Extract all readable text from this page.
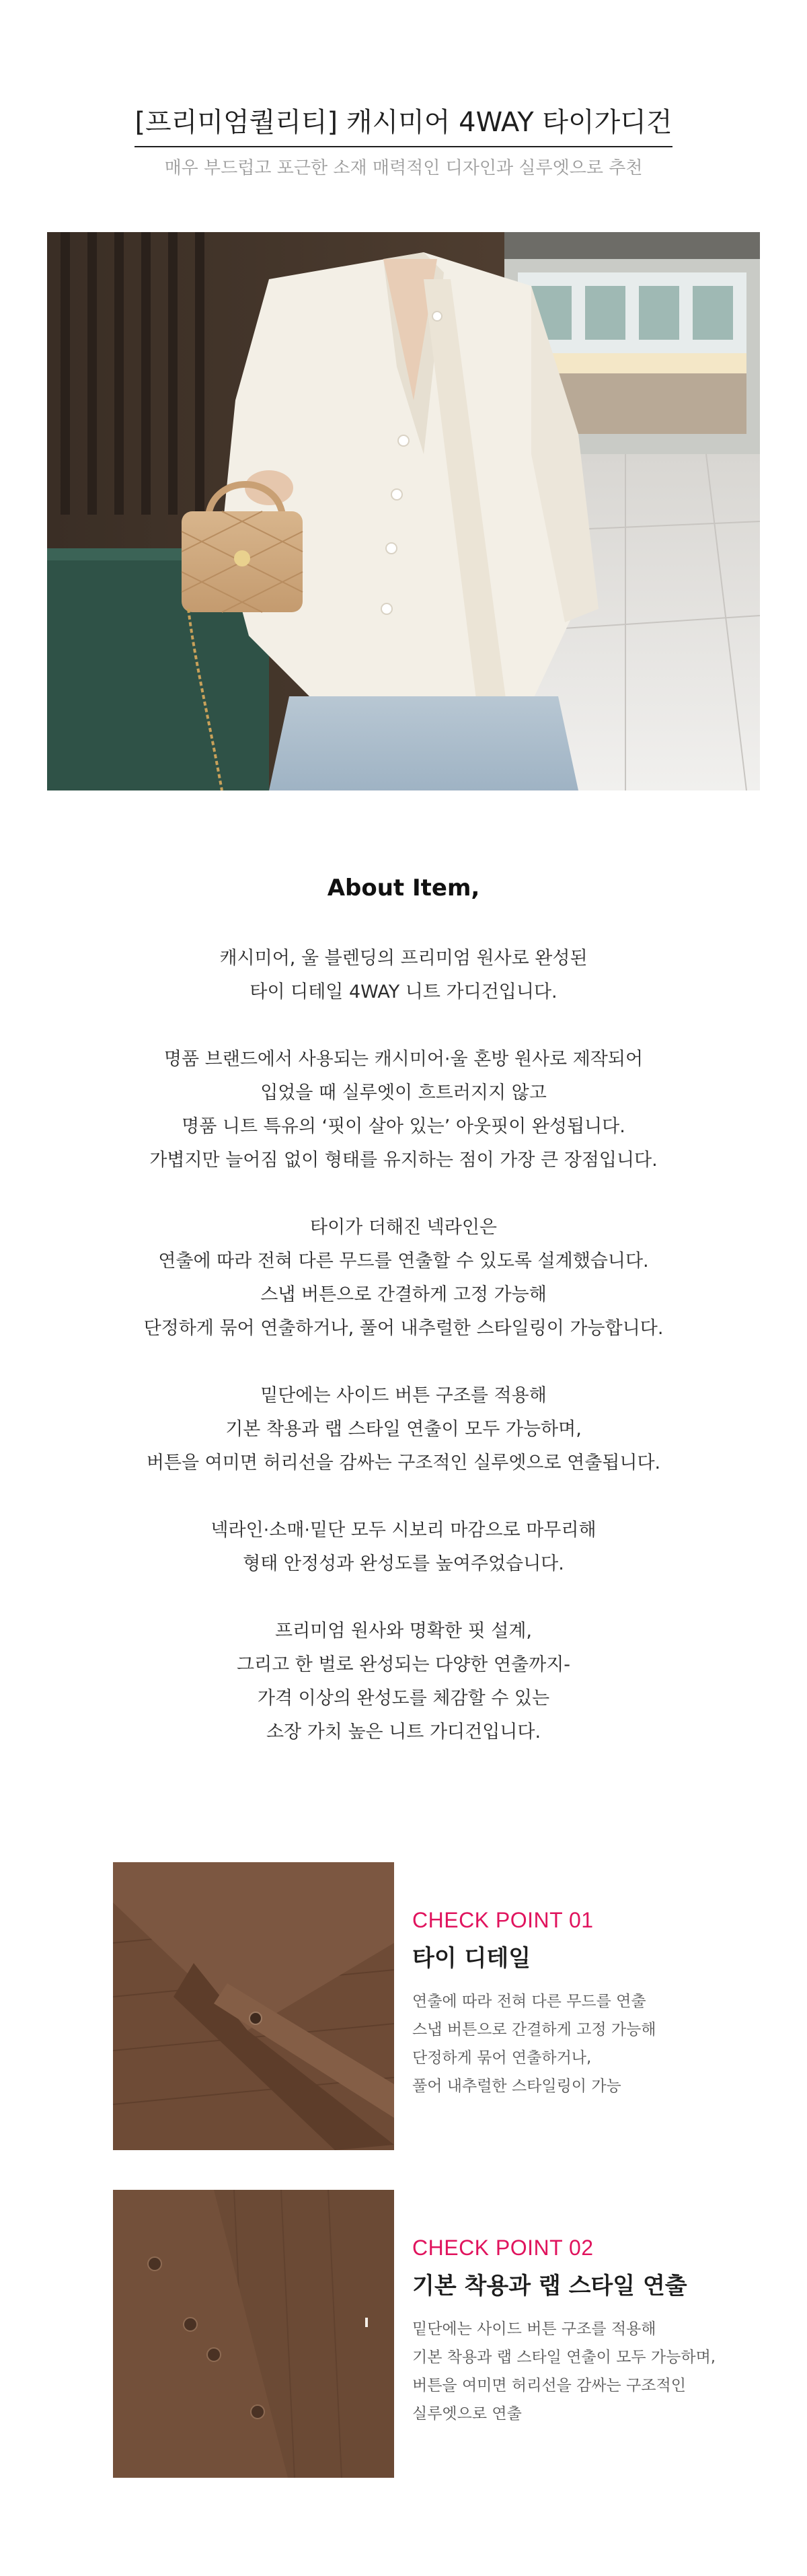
[프리미엄퀄리티] 캐시미어 4WAY 타이가디건
매우 부드럽고 포근한 소재 매력적인 디자인과 실루엣으로 추천
About Item,
캐시미어, 울 블렌딩의 프리미엄 원사로 완성된
타이 디테일 4WAY 니트 가디건입니다.
명품 브랜드에서 사용되는 캐시미어·울 혼방 원사로 제작되어
입었을 때 실루엣이 흐트러지지 않고
명품 니트 특유의 ‘핏이 살아 있는’ 아웃핏이 완성됩니다.
가볍지만 늘어짐 없이 형태를 유지하는 점이 가장 큰 장점입니다.
타이가 더해진 넥라인은
연출에 따라 전혀 다른 무드를 연출할 수 있도록 설계했습니다.
스냅 버튼으로 간결하게 고정 가능해
단정하게 묶어 연출하거나, 풀어 내추럴한 스타일링이 가능합니다.
밑단에는 사이드 버튼 구조를 적용해
기본 착용과 랩 스타일 연출이 모두 가능하며,
버튼을 여미면 허리선을 감싸는 구조적인 실루엣으로 연출됩니다.
넥라인·소매·밑단 모두 시보리 마감으로 마무리해
형태 안정성과 완성도를 높여주었습니다.
프리미엄 원사와 명확한 핏 설계,
그리고 한 벌로 완성되는 다양한 연출까지-
가격 이상의 완성도를 체감할 수 있는
소장 가치 높은 니트 가디건입니다.
CHECK POINT 01
타이 디테일
연출에 따라 전혀 다른 무드를 연출
스냅 버튼으로 간결하게 고정 가능해
단정하게 묶어 연출하거나,
풀어 내추럴한 스타일링이 가능
CHECK POINT 02
기본 착용과 랩 스타일 연출
밑단에는 사이드 버튼 구조를 적용해
기본 착용과 랩 스타일 연출이 모두 가능하며,
버튼을 여미면 허리선을 감싸는 구조적인
실루엣으로 연출
